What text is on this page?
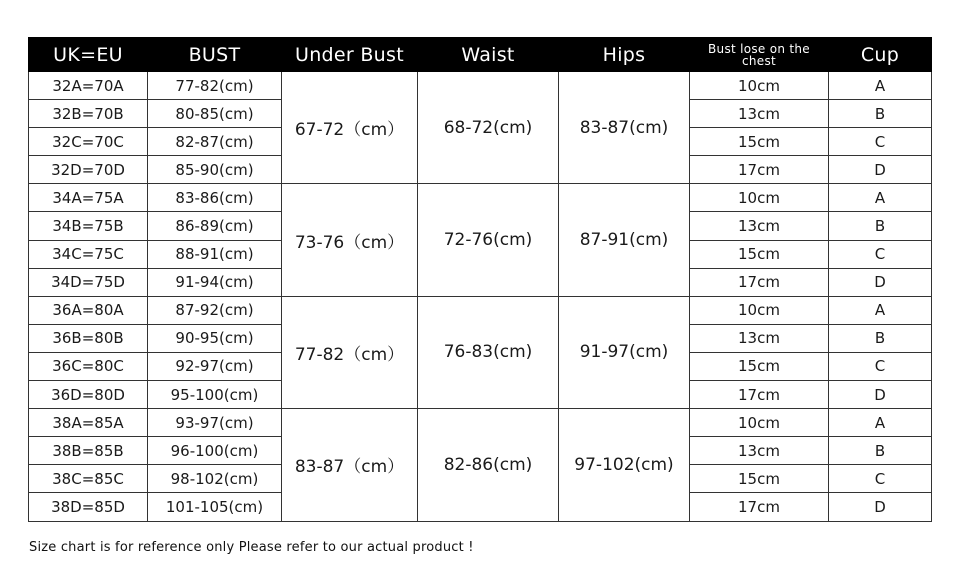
UK=EU	BUST	Under Bust	Waist	Hips	Bust lose on the chest	Cup
32A=70A	77-82(cm)	67-72（cm）	68-72(cm)	83-87(cm)	10cm	A
32B=70B	80-85(cm)				13cm	B
32C=70C	82-87(cm)				15cm	C
32D=70D	85-90(cm)				17cm	D
34A=75A	83-86(cm)	73-76（cm）	72-76(cm)	87-91(cm)	10cm	A
34B=75B	86-89(cm)				13cm	B
34C=75C	88-91(cm)				15cm	C
34D=75D	91-94(cm)				17cm	D
36A=80A	87-92(cm)	77-82（cm）	76-83(cm)	91-97(cm)	10cm	A
36B=80B	90-95(cm)				13cm	B
36C=80C	92-97(cm)				15cm	C
36D=80D	95-100(cm)				17cm	D
38A=85A	93-97(cm)	83-87（cm）	82-86(cm)	97-102(cm)	10cm	A
38B=85B	96-100(cm)				13cm	B
38C=85C	98-102(cm)				15cm	C
38D=85D	101-105(cm)				17cm	D
Size chart is for reference only Please refer to our actual product !
